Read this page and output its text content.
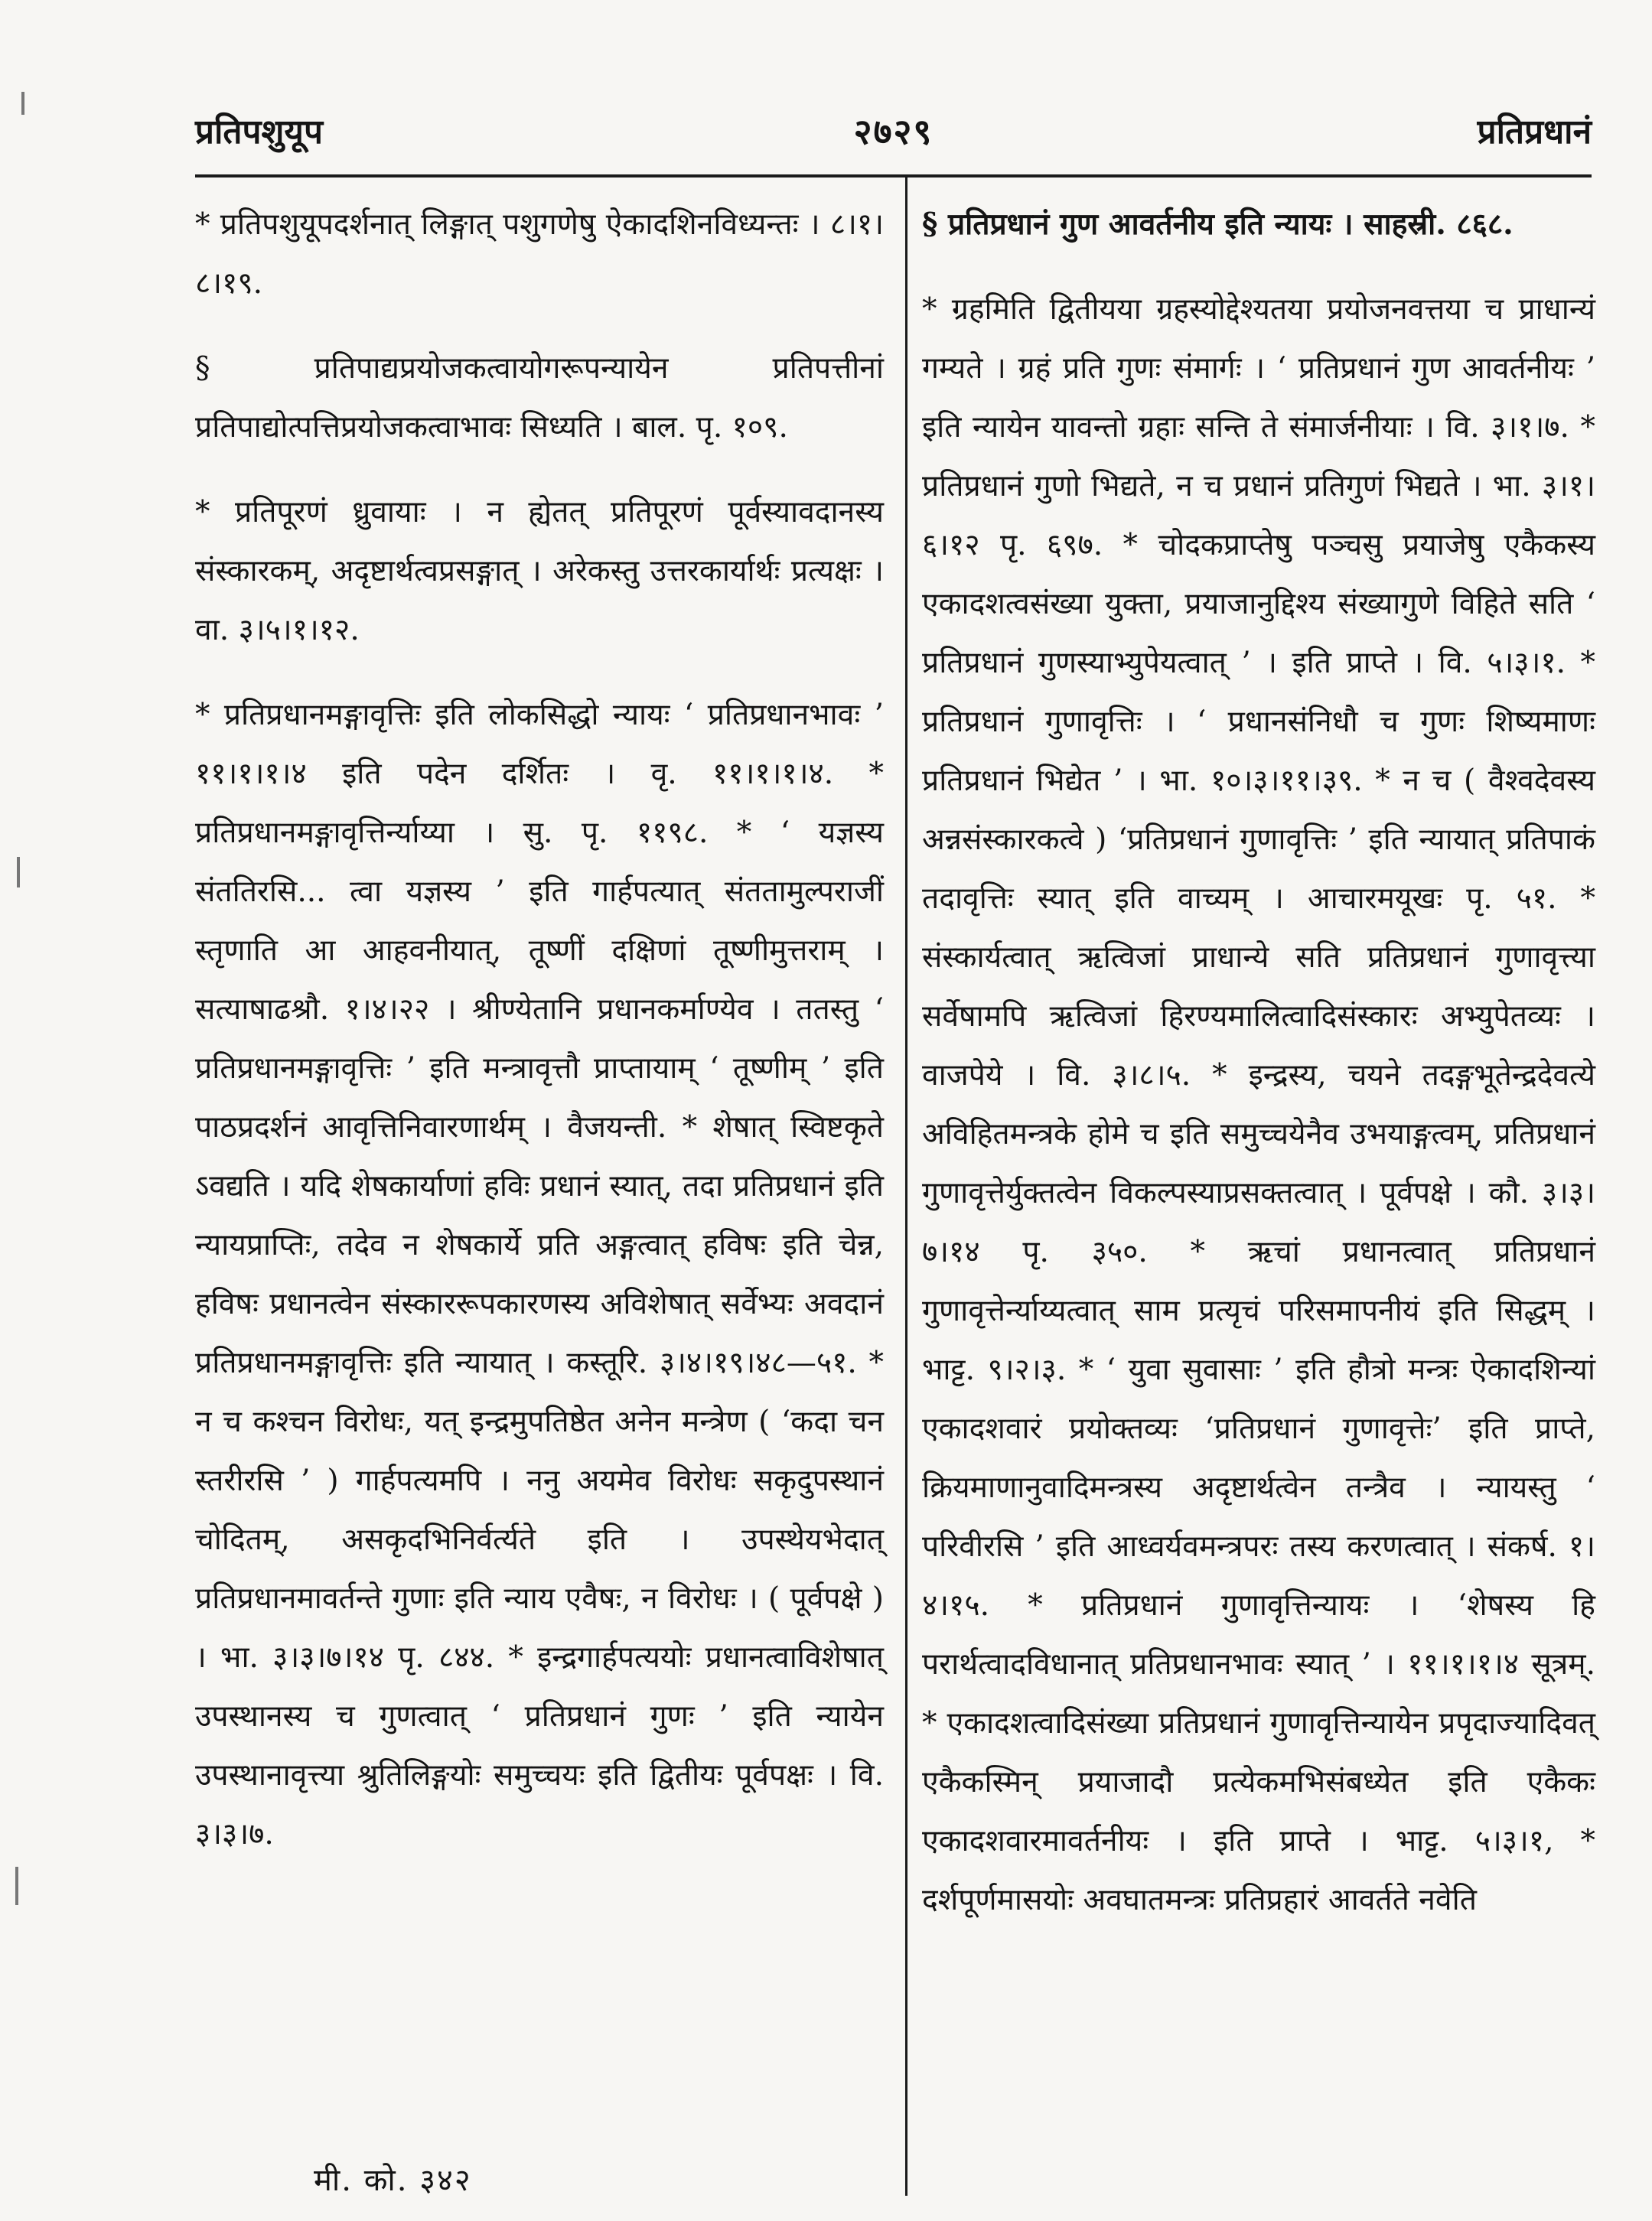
प्रतिपशुयूप	२७२९	प्रतिप्रधानं

* प्रतिपशुयूपदर्शनात् लिङ्गात् पशुगणेषु ऐकादशिनविध्यन्तः । ८।१।८।१९.

§ प्रतिपाद्यप्रयोजकत्वायोगरूपन्यायेन प्रतिपत्तीनां प्रतिपाद्योत्पत्तिप्रयोजकत्वाभावः सिध्यति । बाल. पृ. १०९.

* प्रतिपूरणं ध्रुवायाः । न ह्येतत् प्रतिपूरणं पूर्वस्यावदानस्य संस्कारकम्, अदृष्टार्थत्वप्रसङ्गात् । अरेकस्तु उत्तरकार्यार्थः प्रत्यक्षः । वा. ३।५।१।१२.

* प्रतिप्रधानमङ्गावृत्तिः इति लोकसिद्धो न्यायः ‘ प्रतिप्रधानभावः ’ ११।१।१।४ इति पदेन दर्शितः । वृ. ११।१।१।४. * प्रतिप्रधानमङ्गावृत्तिर्न्याय्या । सु. पृ. ११९८. * ‘ यज्ञस्य संततिरसि... त्वा यज्ञस्य ’ इति गार्हपत्यात् संततामुल्पराजीं स्तृणाति आ आहवनीयात्, तूष्णीं दक्षिणां तूष्णीमुत्तराम् । सत्याषाढश्रौ. १।४।२२ । श्रीण्येतानि प्रधानकर्माण्येव । ततस्तु ‘ प्रतिप्रधानमङ्गावृत्तिः ’ इति मन्त्रावृत्तौ प्राप्तायाम् ‘ तूष्णीम् ’ इति पाठप्रदर्शनं आवृत्तिनिवारणार्थम् । वैजयन्ती. * शेषात् स्विष्टकृते ऽवद्यति । यदि शेषकार्याणां हविः प्रधानं स्यात्, तदा प्रतिप्रधानं इति न्यायप्राप्तिः, तदेव न शेषकार्ये प्रति अङ्गत्वात् हविषः इति चेन्न, हविषः प्रधानत्वेन संस्काररूपकारणस्य अविशेषात् सर्वेभ्यः अवदानं प्रतिप्रधानमङ्गावृत्तिः इति न्यायात् । कस्तूरि. ३।४।१९।४८—५१. * न च कश्चन विरोधः, यत् इन्द्रमुपतिष्ठेत अनेन मन्त्रेण ( ‘कदा चन स्तरीरसि ’ ) गार्हपत्यमपि । ननु अयमेव विरोधः सकृदुपस्थानं चोदितम्, असकृदभिनिर्वर्त्यते इति । उपस्थेयभेदात् प्रतिप्रधानमावर्तन्ते गुणाः इति न्याय एवैषः, न विरोधः । ( पूर्वपक्षे ) । भा. ३।३।७।१४ पृ. ८४४. * इन्द्रगार्हपत्ययोः प्रधानत्वाविशेषात् उपस्थानस्य च गुणत्वात् ‘ प्रतिप्रधानं गुणः ’ इति न्यायेन उपस्थानावृत्त्या श्रुतिलिङ्गयोः समुच्चयः इति द्वितीयः पूर्वपक्षः । वि. ३।३।७.

§ प्रतिप्रधानं गुण आवर्तनीय इति न्यायः । साहस्री. ८६८.

* ग्रहमिति द्वितीयया ग्रहस्योद्देश्यतया प्रयोजनवत्तया च प्राधान्यं गम्यते । ग्रहं प्रति गुणः संमार्गः । ‘ प्रतिप्रधानं गुण आवर्तनीयः ’ इति न्यायेन यावन्तो ग्रहाः सन्ति ते संमार्जनीयाः । वि. ३।१।७. * प्रतिप्रधानं गुणो भिद्यते, न च प्रधानं प्रतिगुणं भिद्यते । भा. ३।१।६।१२ पृ. ६९७. * चोदकप्राप्तेषु पञ्चसु प्रयाजेषु एकैकस्य एकादशत्वसंख्या युक्ता, प्रयाजानुद्दिश्य संख्यागुणे विहिते सति ‘ प्रतिप्रधानं गुणस्याभ्युपेयत्वात् ’ । इति प्राप्ते । वि. ५।३।१. * प्रतिप्रधानं गुणावृत्तिः । ‘ प्रधानसंनिधौ च गुणः शिष्यमाणः प्रतिप्रधानं भिद्येत ’ । भा. १०।३।११।३९. * न च ( वैश्वदेवस्य अन्नसंस्कारकत्वे ) ‘प्रतिप्रधानं गुणावृत्तिः ’ इति न्यायात् प्रतिपाकं तदावृत्तिः स्यात् इति वाच्यम् । आचारमयूखः पृ. ५१. * संस्कार्यत्वात् ऋत्विजां प्राधान्ये सति प्रतिप्रधानं गुणावृत्त्या सर्वेषामपि ऋत्विजां हिरण्यमालित्वादिसंस्कारः अभ्युपेतव्यः । वाजपेये । वि. ३।८।५. * इन्द्रस्य, चयने तदङ्गभूतेन्द्रदेवत्ये अविहितमन्त्रके होमे च इति समुच्चयेनैव उभयाङ्गत्वम्, प्रतिप्रधानं गुणावृत्तेर्युक्तत्वेन विकल्पस्याप्रसक्तत्वात् । पूर्वपक्षे । कौ. ३।३।७।१४ पृ. ३५०. * ऋचां प्रधानत्वात् प्रतिप्रधानं गुणावृत्तेर्न्याय्यत्वात् साम प्रत्यृचं परिसमापनीयं इति सिद्धम् । भाट्ट. ९।२।३. * ‘ युवा सुवासाः ’ इति हौत्रो मन्त्रः ऐकादशिन्यां एकादशवारं प्रयोक्तव्यः ‘प्रतिप्रधानं गुणावृत्तेः’ इति प्राप्ते, क्रियमाणानुवादिमन्त्रस्य अदृष्टार्थत्वेन तन्त्रैव । न्यायस्तु ‘ परिवीरसि ’ इति आध्वर्यवमन्त्रपरः तस्य करणत्वात् । संकर्ष. १।४।१५. * प्रतिप्रधानं गुणावृत्तिन्यायः । ‘शेषस्य हि परार्थत्वादविधानात् प्रतिप्रधानभावः स्यात् ’ । ११।१।१।४ सूत्रम्. * एकादशत्वादिसंख्या प्रतिप्रधानं गुणावृत्तिन्यायेन प्रपृदाज्यादिवत् एकैकस्मिन् प्रयाजादौ प्रत्येकमभिसंबध्येत इति एकैकः एकादशवारमावर्तनीयः । इति प्राप्ते । भाट्ट. ५।३।१, * दर्शपूर्णमासयोः अवघातमन्त्रः प्रतिप्रहारं आवर्तते नवेति

मी. को. ३४२
